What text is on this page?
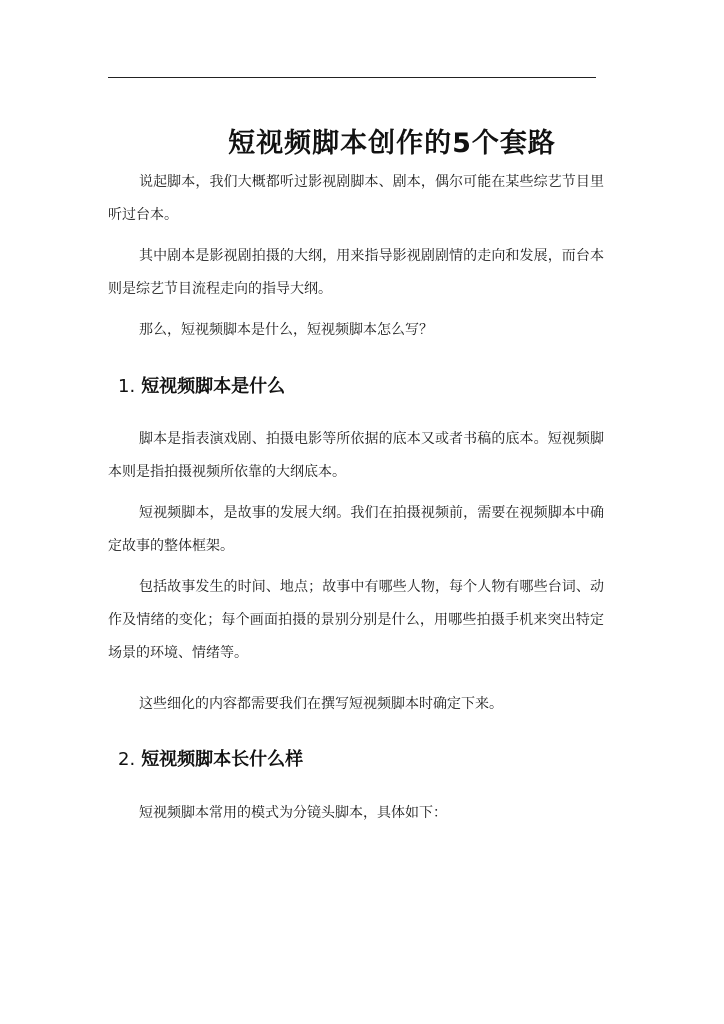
短视频脚本创作的5个套路

说起脚本，我们大概都听过影视剧脚本、剧本，偶尔可能在某些综艺节目里听过台本。

其中剧本是影视剧拍摄的大纲，用来指导影视剧剧情的走向和发展，而台本则是综艺节目流程走向的指导大纲。

那么，短视频脚本是什么，短视频脚本怎么写？

1. 短视频脚本是什么

脚本是指表演戏剧、拍摄电影等所依据的底本又或者书稿的底本。短视频脚本则是指拍摄视频所依靠的大纲底本。

短视频脚本，是故事的发展大纲。我们在拍摄视频前，需要在视频脚本中确定故事的整体框架。

包括故事发生的时间、地点；故事中有哪些人物，每个人物有哪些台词、动作及情绪的变化；每个画面拍摄的景别分别是什么，用哪些拍摄手机来突出特定场景的环境、情绪等。

这些细化的内容都需要我们在撰写短视频脚本时确定下来。

2. 短视频脚本长什么样

短视频脚本常用的模式为分镜头脚本，具体如下：
